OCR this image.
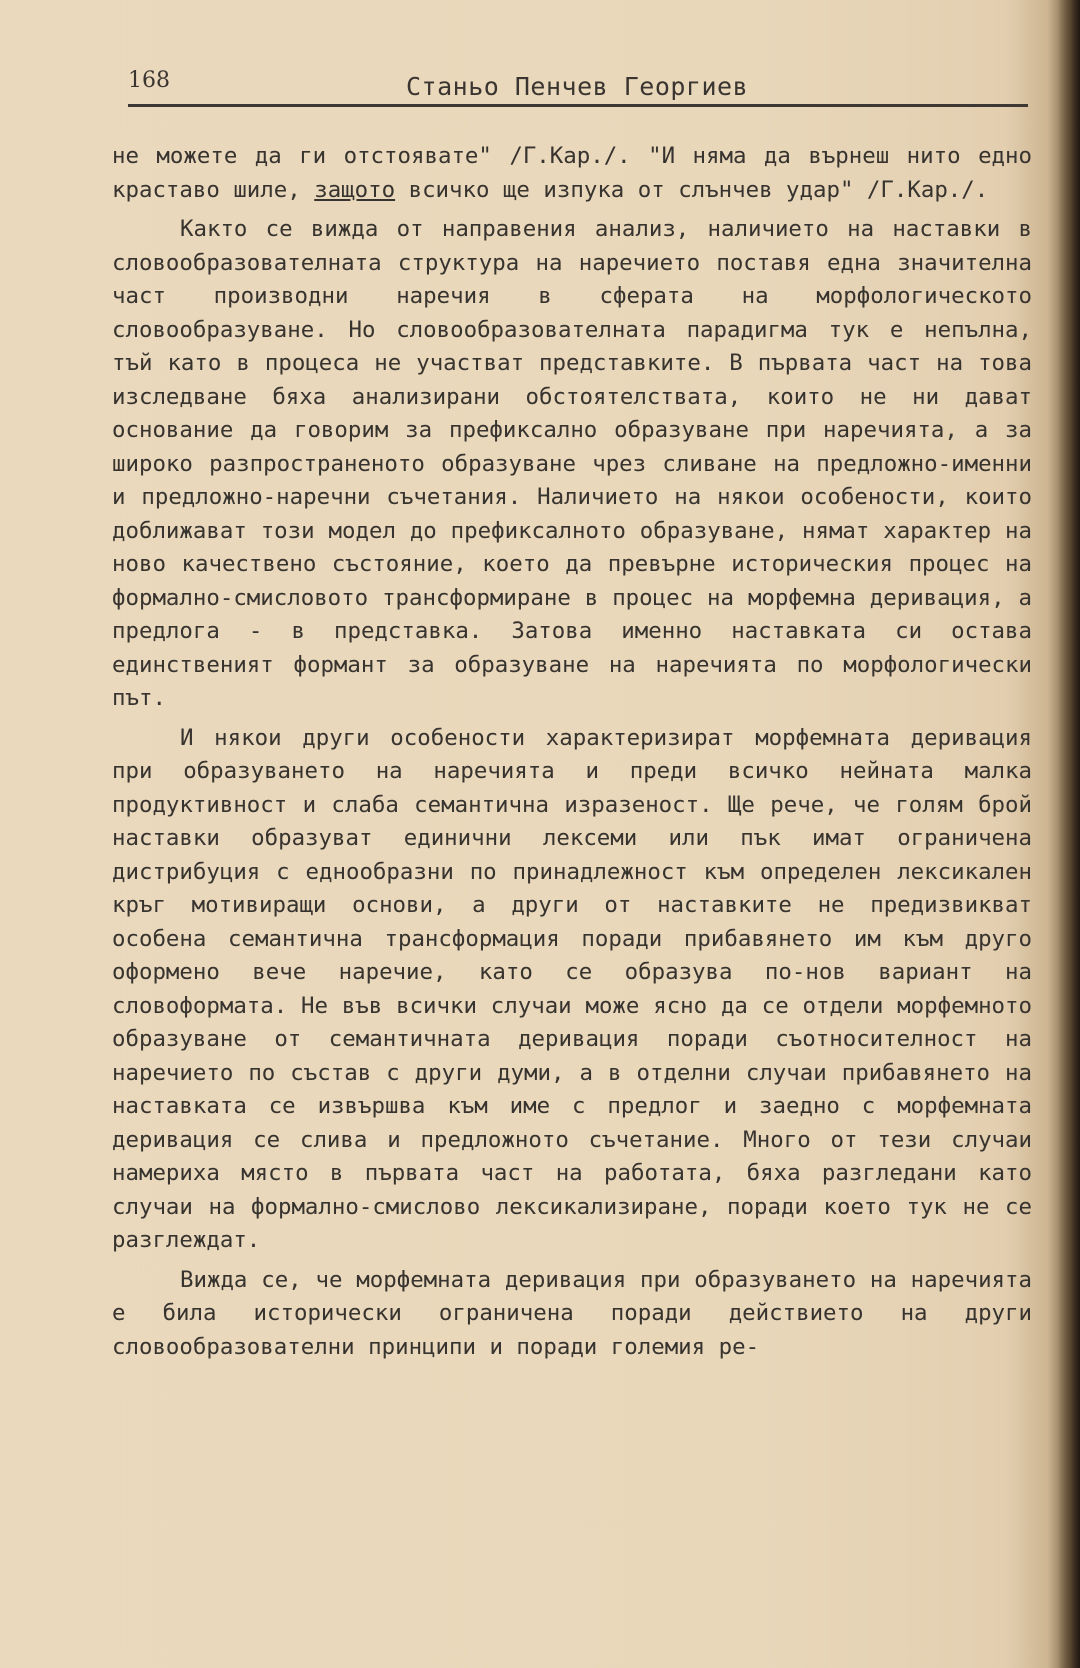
168	Станьо Пенчев Георгиев

не можете да ги отстоявате" /Г.Кар./. "И няма да върнеш нито едно краставо шиле, защото всичко ще изпука от слънчев удар" /Г.Кар./.

Както се вижда от направения анализ, наличието на наставки в словообразователната структура на наречието поставя една значителна част производни наречия в сферата на морфологическото словообразуване. Но словообразователната парадигма тук е непълна, тъй като в процеса не участват представките. В първата част на това изследване бяха анализирани обстоятелствата, които не ни дават основание да говорим за префиксално образуване при наречията, а за широко разпространеното образуване чрез сливане на предложно-именни и предложно-наречни съчетания. Наличието на някои особености, които доближават този модел до префиксалното образуване, нямат характер на ново качествено състояние, което да превърне историческия процес на формално-смисловото трансформиране в процес на морфемна деривация, а предлога - в представка. Затова именно наставката си остава единственият формант за образуване на наречията по морфологически път.

И някои други особености характеризират морфемната деривация при образуването на наречията и преди всичко нейната малка продуктивност и слаба семантична изразеност. Ще рече, че голям брой наставки образуват единични лексеми или пък имат ограничена дистрибуция с еднообразни по принадлежност към определен лексикален кръг мотивиращи основи, а други от наставките не предизвикват особена семантична трансформация поради прибавянето им към друго оформено вече наречие, като се образува по-нов вариант на словоформата. Не във всички случаи може ясно да се отдели морфемното образуване от семантичната деривация поради съотносителност на наречието по състав с други думи, а в отделни случаи прибавянето на наставката се извършва към име с предлог и заедно с морфемната деривация се слива и предложното съчетание. Много от тези случаи намериха място в първата част на работата, бяха разгледани като случаи на формално-смислово лексикализиране, поради което тук не се разглеждат.

Вижда се, че морфемната деривация при образуването на наречията е била исторически ограничена поради действието на други словообразователни принципи и поради големия ре-
